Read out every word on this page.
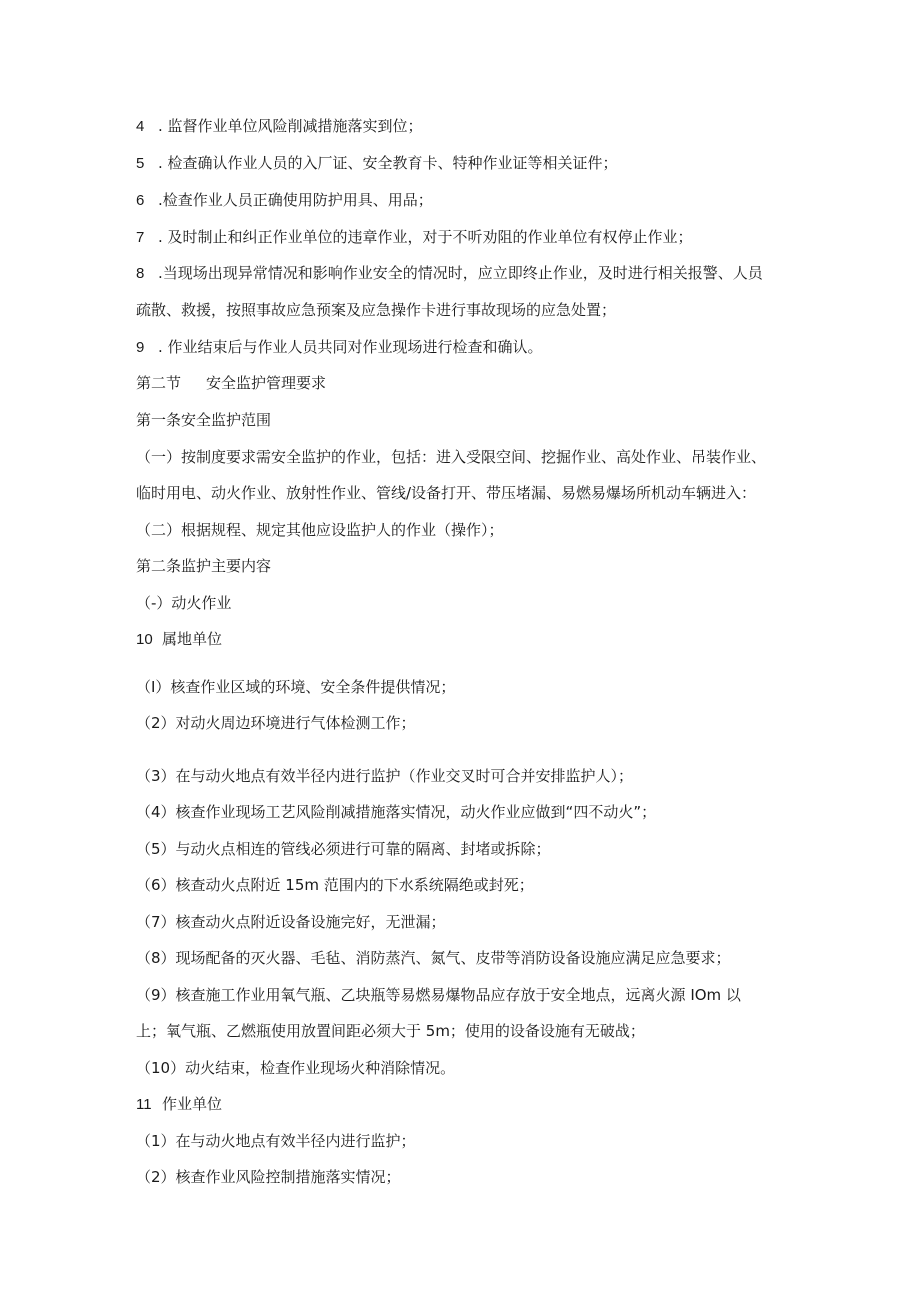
4 . 监督作业单位风险削减措施落实到位；
5 . 检查确认作业人员的入厂证、安全教育卡、特种作业证等相关证件；
6 .检查作业人员正确使用防护用具、用品；
7 . 及时制止和纠正作业单位的违章作业，对于不听劝阻的作业单位有权停止作业；
8 .当现场出现异常情况和影响作业安全的情况时，应立即终止作业，及时进行相关报警、人员
疏散、救援，按照事故应急预案及应急操作卡进行事故现场的应急处置；
9 . 作业结束后与作业人员共同对作业现场进行检查和确认。
第二节 安全监护管理要求
第一条安全监护范围
（一）按制度要求需安全监护的作业，包括：进入受限空间、挖掘作业、高处作业、吊装作业、
临时用电、动火作业、放射性作业、管线/设备打开、带压堵漏、易燃易爆场所机动车辆进入：
（二）根据规程、规定其他应设监护人的作业（操作）；
第二条监护主要内容
（-）动火作业
10 属地单位
（I）核查作业区域的环境、安全条件提供情况；
（2）对动火周边环境进行气体检测工作；
（3）在与动火地点有效半径内进行监护（作业交叉时可合并安排监护人）；
（4）核查作业现场工艺风险削减措施落实情况，动火作业应做到“四不动火”；
（5）与动火点相连的管线必须进行可靠的隔离、封堵或拆除；
（6）核查动火点附近 15m 范围内的下水系统隔绝或封死；
（7）核查动火点附近设备设施完好，无泄漏；
（8）现场配备的灭火器、毛毡、消防蒸汽、氮气、皮带等消防设备设施应满足应急要求；
（9）核查施工作业用氧气瓶、乙块瓶等易燃易爆物品应存放于安全地点，远离火源 IOm 以
上；氧气瓶、乙燃瓶使用放置间距必须大于 5m；使用的设备设施有无破战；
（10）动火结束，检查作业现场火种消除情况。
11 作业单位
（1）在与动火地点有效半径内进行监护；
（2）核查作业风险控制措施落实情况；
